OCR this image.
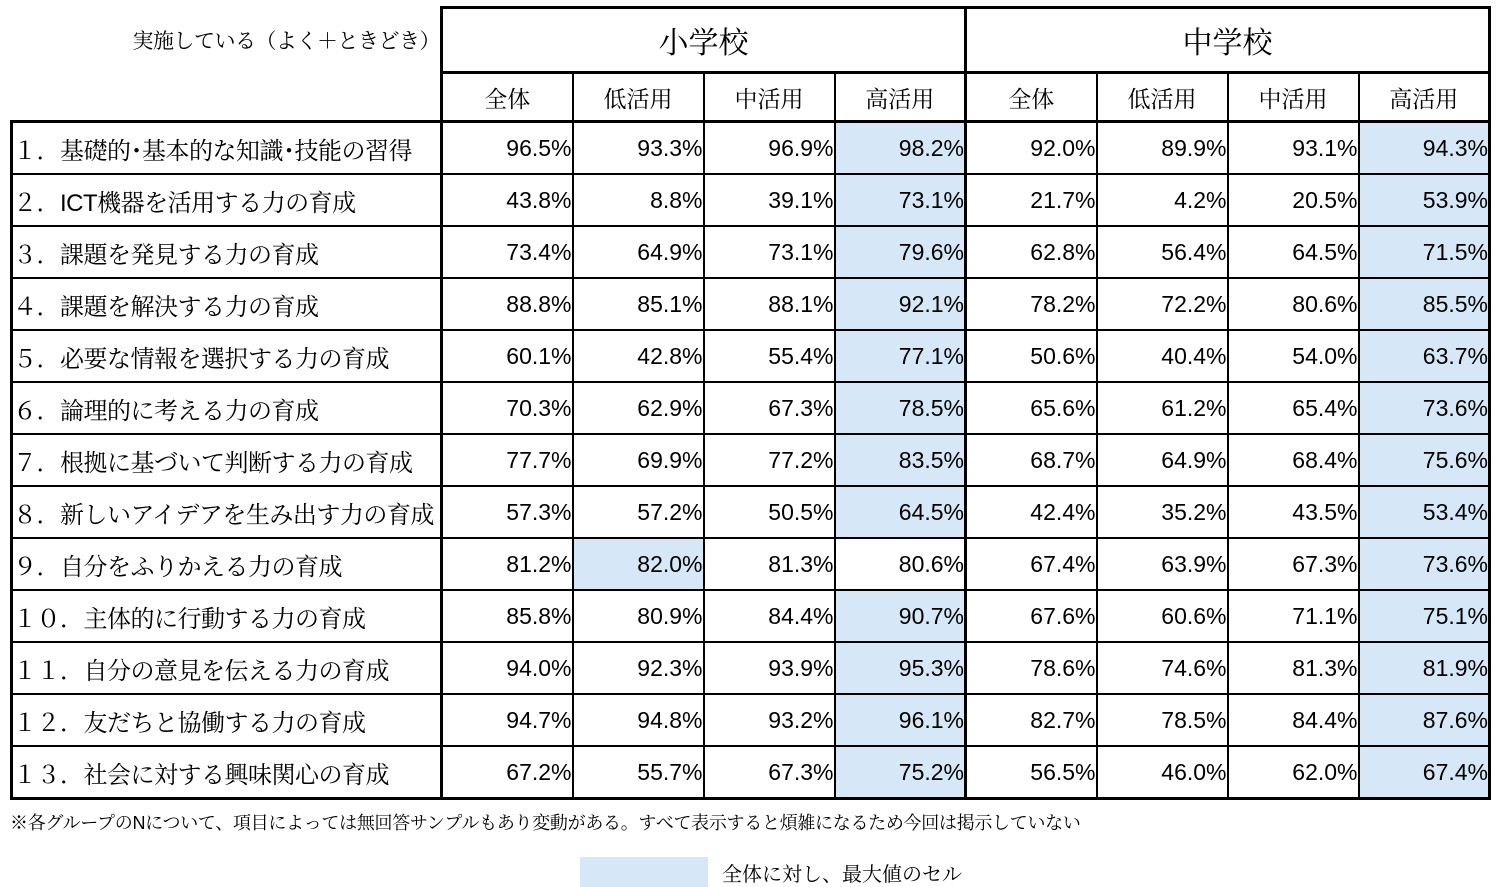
実施している（よく＋ときどき）	小学校				中学校			
	全体	低活用	中活用	高活用	全体	低活用	中活用	高活用
１．基礎的･基本的な知識･技能の習得	96.5%	93.3%	96.9%	98.2%	92.0%	89.9%	93.1%	94.3%
２．ICT機器を活用する力の育成	43.8%	8.8%	39.1%	73.1%	21.7%	4.2%	20.5%	53.9%
３．課題を発見する力の育成	73.4%	64.9%	73.1%	79.6%	62.8%	56.4%	64.5%	71.5%
４．課題を解決する力の育成	88.8%	85.1%	88.1%	92.1%	78.2%	72.2%	80.6%	85.5%
５．必要な情報を選択する力の育成	60.1%	42.8%	55.4%	77.1%	50.6%	40.4%	54.0%	63.7%
６．論理的に考える力の育成	70.3%	62.9%	67.3%	78.5%	65.6%	61.2%	65.4%	73.6%
７．根拠に基づいて判断する力の育成	77.7%	69.9%	77.2%	83.5%	68.7%	64.9%	68.4%	75.6%
８．新しいアイデアを生み出す力の育成	57.3%	57.2%	50.5%	64.5%	42.4%	35.2%	43.5%	53.4%
９．自分をふりかえる力の育成	81.2%	82.0%	81.3%	80.6%	67.4%	63.9%	67.3%	73.6%
１０．主体的に行動する力の育成	85.8%	80.9%	84.4%	90.7%	67.6%	60.6%	71.1%	75.1%
１１．自分の意見を伝える力の育成	94.0%	92.3%	93.9%	95.3%	78.6%	74.6%	81.3%	81.9%
１２．友だちと協働する力の育成	94.7%	94.8%	93.2%	96.1%	82.7%	78.5%	84.4%	87.6%
１３．社会に対する興味関心の育成	67.2%	55.7%	67.3%	75.2%	56.5%	46.0%	62.0%	67.4%
※各グループのNについて、項目によっては無回答サンプルもあり変動がある。すべて表示すると煩雑になるため今回は掲示していない
全体に対し、最大値のセル
